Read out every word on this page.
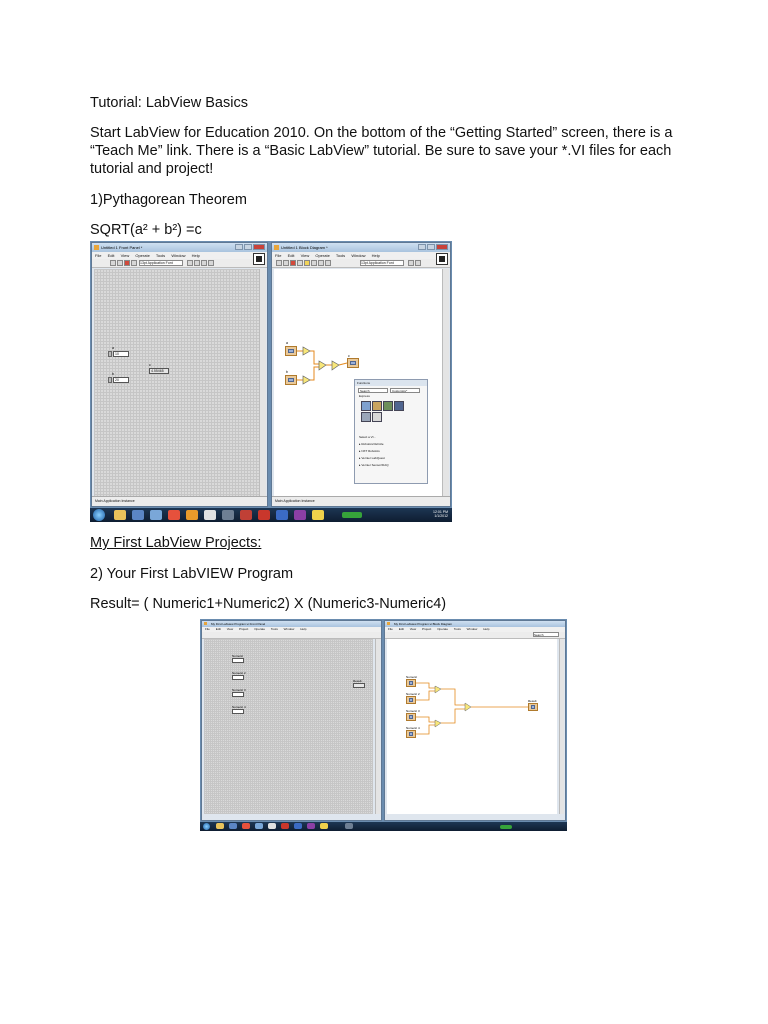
Tutorial: LabView Basics

Start LabView for Education 2010. On the bottom of the “Getting Started” screen, there is a “Teach Me” link. There is a “Basic LabView” tutorial. Be sure to save your *.VI files for each tutorial and project!

1)Pythagorean Theorem

SQRT(a² + b²) =c

Untitled 1 Front Panel *
File Edit View Operate Tools Window Help
13pt Application Font
a
10
b
20
c
4.55465
Main Application Instance
Untitled 1 Block Diagram *
File Edit View Operate Tools Window Help
13pt Application Font
a
b
c
Functions
Search	Customize*
Express
Select a VI...
▸ Robotics/Vehicle
▸ NXT Robotics
▸ Vernier LabQuest
▸ Vernier Sensor/DAQ
Main Application Instance
12:01 PM
1/1/2012

My First LabView Projects:

2) Your First LabVIEW Program

Result= ( Numeric1+Numeric2) X (Numeric3-Numeric4)

My First Labview Program.vi Front Panel
File Edit View Project Operate Tools Window Help
Numeric
Numeric 2
Numeric 3
Numeric 4
Result
My First Labview Program.vi Block Diagram
File Edit View Project Operate Tools Window Help
Search
Numeric
Numeric 2
Numeric 3
Numeric 4
Result
